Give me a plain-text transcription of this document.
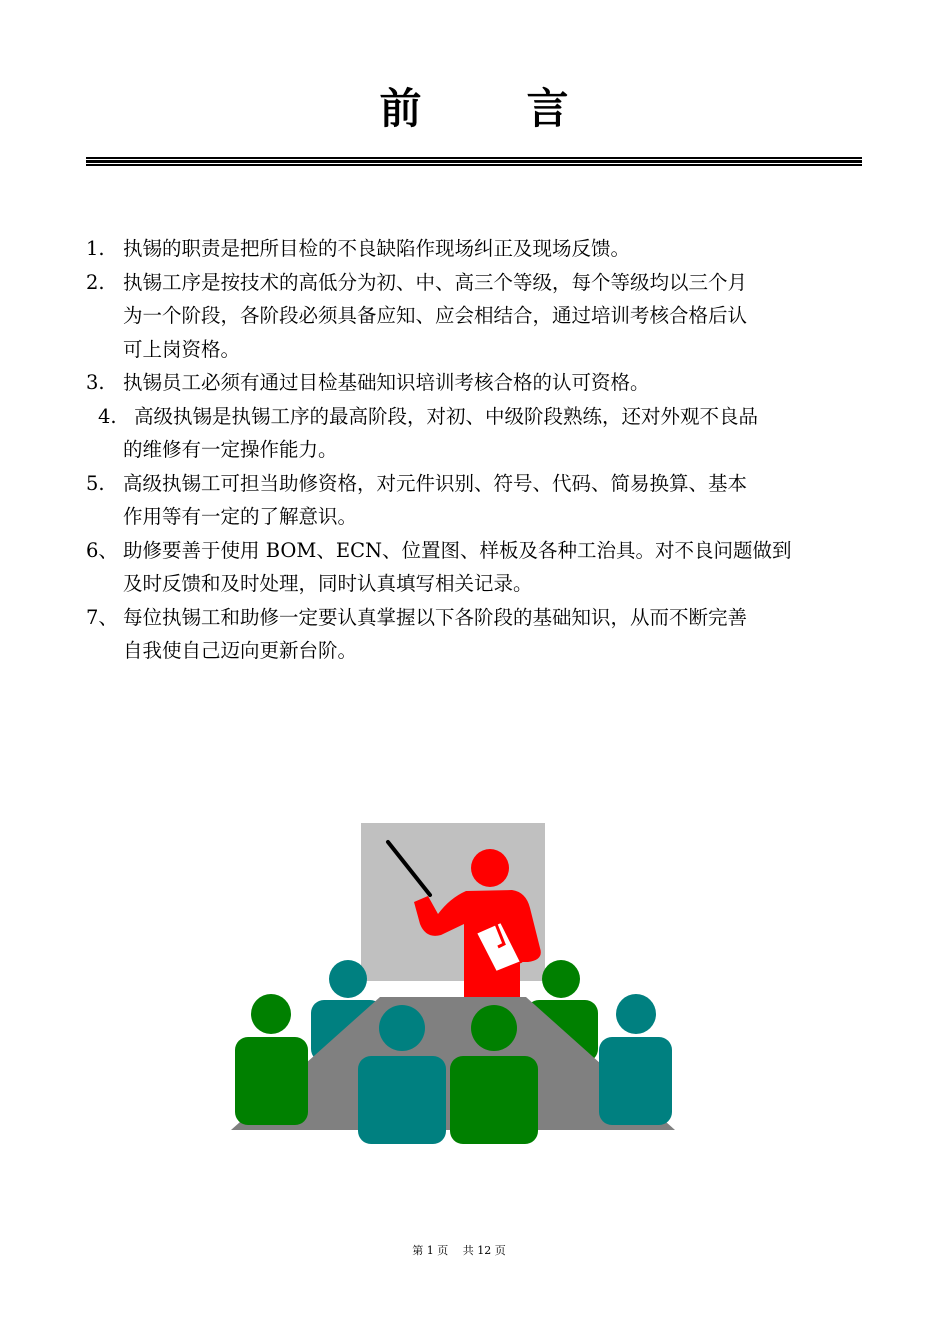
前	言
1. 执锡的职责是把所目检的不良缺陷作现场纠正及现场反馈。
2. 执锡工序是按技术的高低分为初、中、高三个等级，每个等级均以三个月
为一个阶段，各阶段必须具备应知、应会相结合，通过培训考核合格后认
可上岗资格。
3. 执锡员工必须有通过目检基础知识培训考核合格的认可资格。
4. 高级执锡是执锡工序的最高阶段，对初、中级阶段熟练，还对外观不良品
的维修有一定操作能力。
5. 高级执锡工可担当助修资格，对元件识别、符号、代码、简易换算、基本
作用等有一定的了解意识。
6、 助修要善于使用 BOM、ECN、位置图、样板及各种工治具。对不良问题做到
及时反馈和及时处理，同时认真填写相关记录。
7、 每位执锡工和助修一定要认真掌握以下各阶段的基础知识，从而不断完善
自我使自己迈向更新台阶。
第 1 页　 共 12 页
